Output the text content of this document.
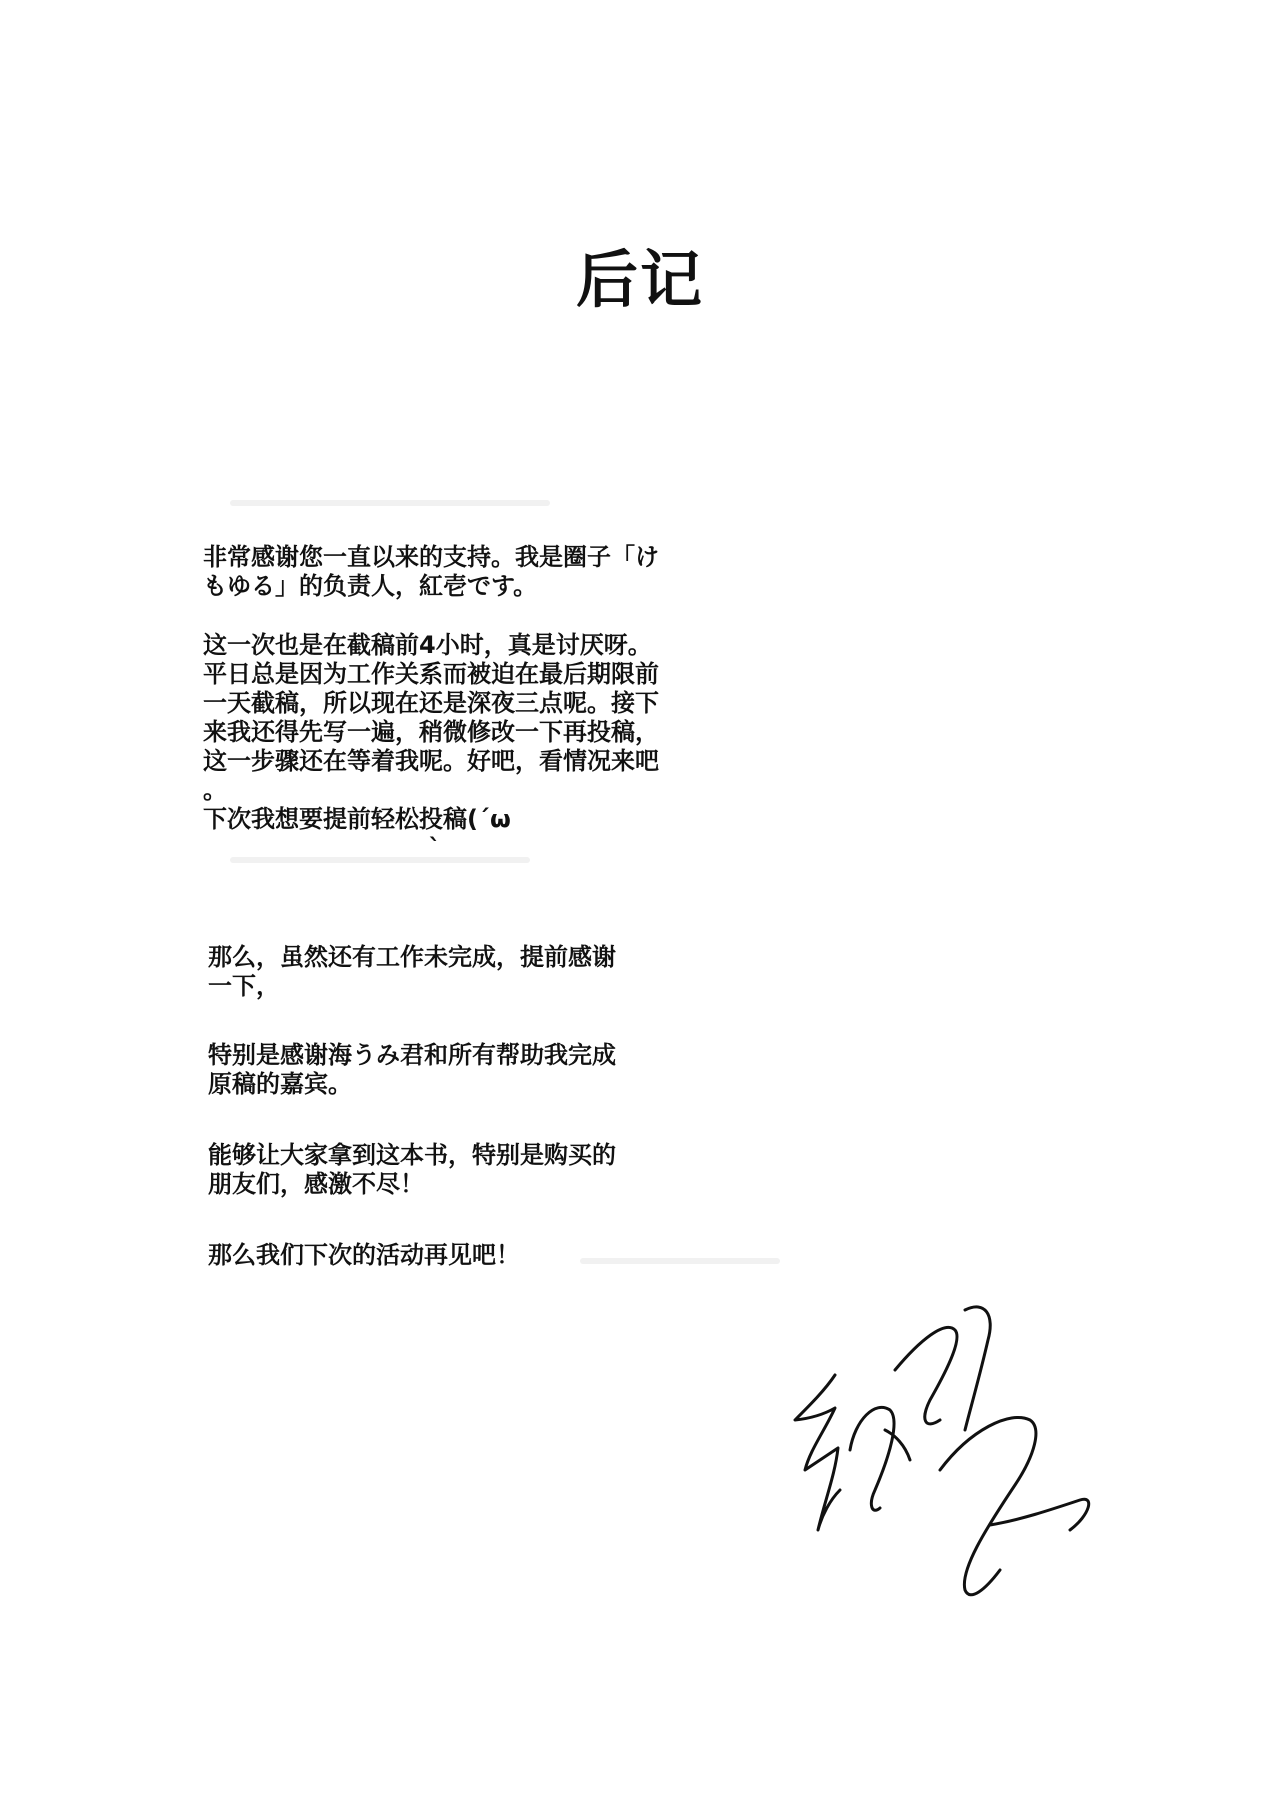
后记

非常感谢您一直以来的支持。我是圈子「け
もゆる」的负责人，紅壱です。

这一次也是在截稿前4小时，真是讨厌呀。
平日总是因为工作关系而被迫在最后期限前
一天截稿，所以现在还是深夜三点呢。接下
来我还得先写一遍，稍微修改一下再投稿，
这一步骤还在等着我呢。好吧，看情况来吧
。
下次我想要提前轻松投稿(´ω
`

那么，虽然还有工作未完成，提前感谢
一下，

特别是感谢海うみ君和所有帮助我完成
原稿的嘉宾。

能够让大家拿到这本书，特别是购买的
朋友们，感激不尽！

那么我们下次的活动再见吧！
